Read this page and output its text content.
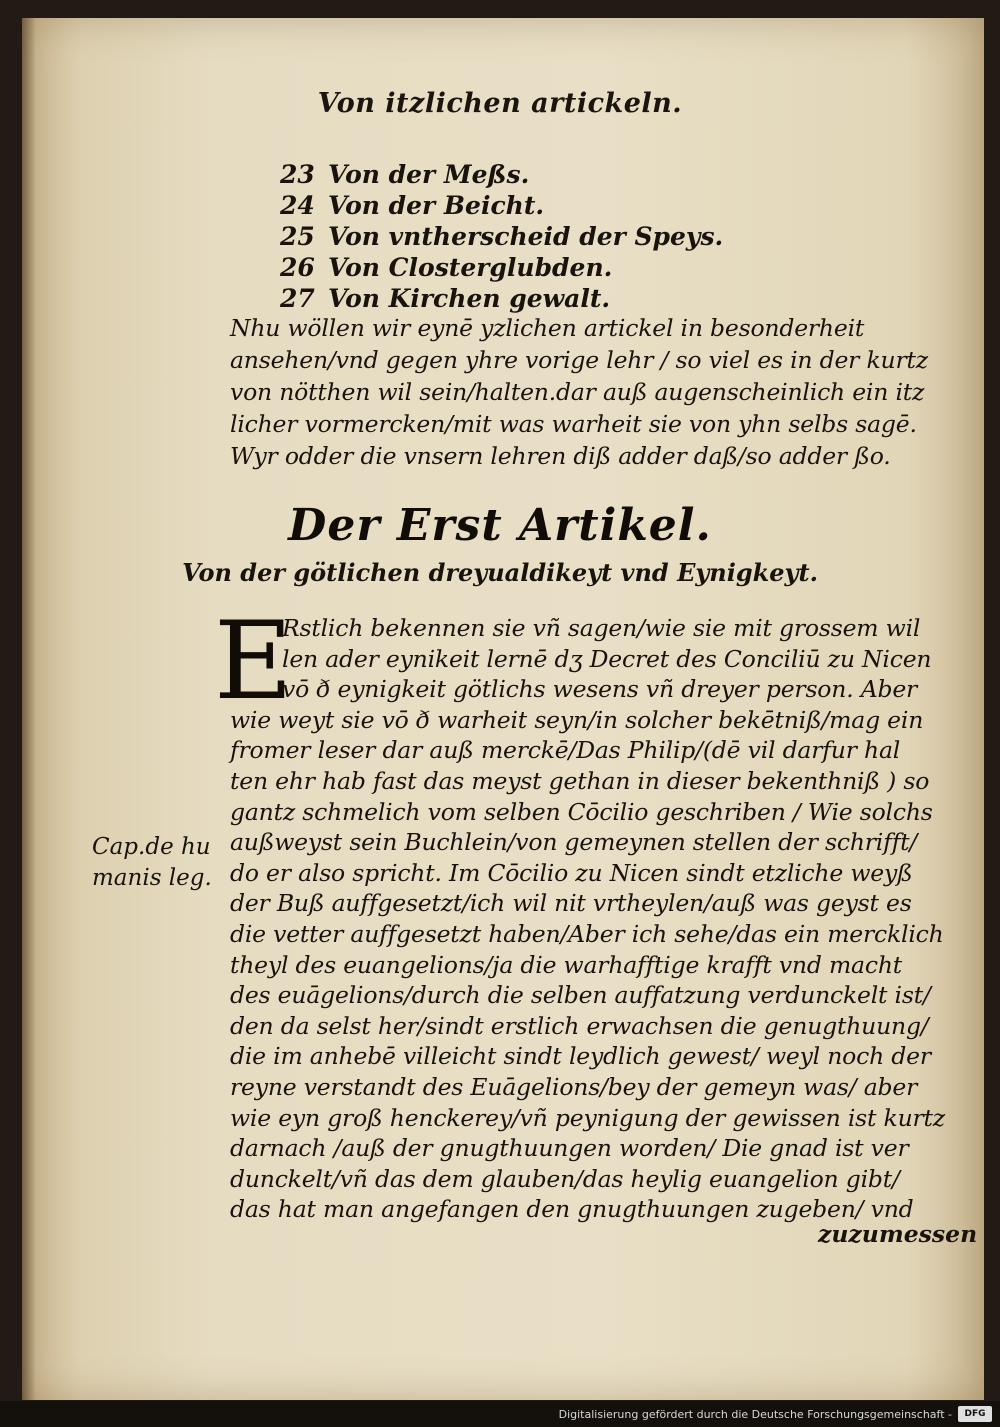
Von itzlichen artickeln.
23 Von der Meßs.
24 Von der Beicht.
25 Von vntherscheid der Speys.
26 Von Closterglubden.
27 Von Kirchen gewalt.
Nhu wöllen wir eynē yzlichen artickel in besonderheit
ansehen/vnd gegen yhre vorige lehr / so viel es in der kurtz
von nötthen wil sein/halten.dar auß augenscheinlich ein itz
licher vormercken/mit was warheit sie von yhn selbs sagē.
Wyr odder die vnsern lehren diß adder daß/so adder ßo.
Der Erst Artikel.
Von der götlichen dreyualdikeyt vnd Eynigkeyt.
E
Rstlich bekennen sie vñ sagen/wie sie mit grossem wil
len ader eynikeit lernē dʒ Decret des Conciliū zu Nicen
vō ð eynigkeit götlichs wesens vñ dreyer person. Aber
wie weyt sie vō ð warheit seyn/in solcher bekētniß/mag ein
fromer leser dar auß merckē/Das Philip/(dē vil darfur hal
ten ehr hab fast das meyst gethan in dieser bekenthniß ) so
gantz schmelich vom selben Cōcilio geschriben / Wie solchs
außweyst sein Buchlein/von gemeynen stellen der schrifft/
do er also spricht. Im Cōcilio zu Nicen sindt etzliche weyß
der Buß auffgesetzt/ich wil nit vrtheylen/auß was geyst es
die vetter auffgesetzt haben/Aber ich sehe/das ein mercklich
theyl des euangelions/ja die warhafftige krafft vnd macht
des euāgelions/durch die selben auffatzung verdunckelt ist/
den da selst her/sindt erstlich erwachsen die genugthuung/
die im anhebē villeicht sindt leydlich gewest/ weyl noch der
reyne verstandt des Euāgelions/bey der gemeyn was/ aber
wie eyn groß henckerey/vñ peynigung der gewissen ist kurtz
darnach /auß der gnugthuungen worden/ Die gnad ist ver
dunckelt/vñ das dem glauben/das heylig euangelion gibt/
das hat man angefangen den gnugthuungen zugeben/ vnd
Cap.de hu
manis leg.
zuzumessen
Digitalisierung gefördert durch die Deutsche Forschungsgemeinschaft -	DFG
